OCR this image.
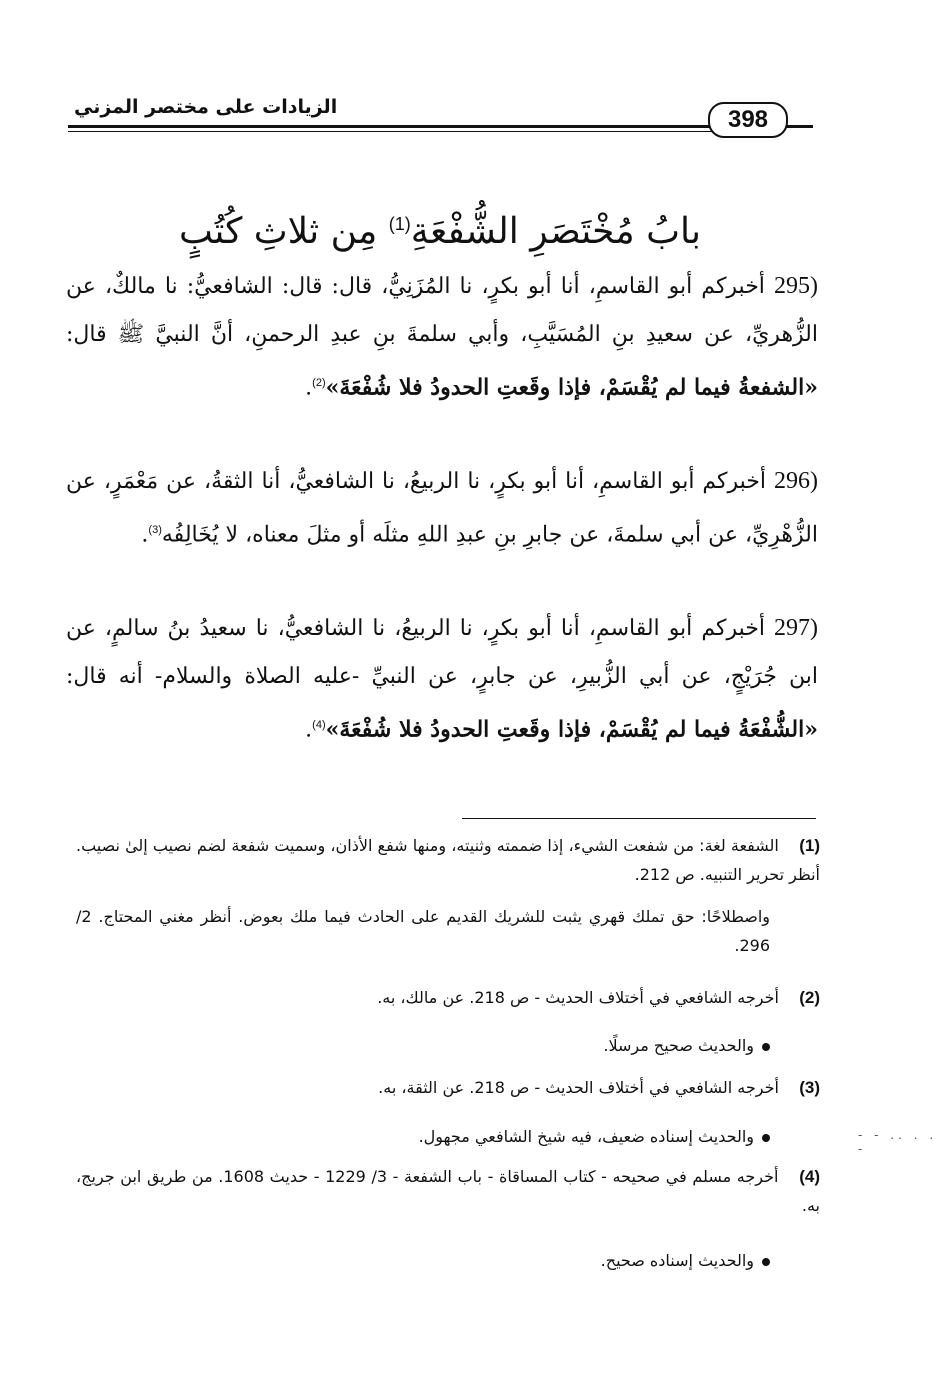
الزيادات على مختصر المزني	398
بابُ مُخْتَصَرِ الشُّفْعَةِ$^{(1)}$ مِن ثلاثِ كُتُبٍ
295) أخبركم أبو القاسمِ، أنا أبو بكرٍ، نا المُزَنِيُّ، قال: قال: الشافعيُّ: نا مالكٌ، عن الزُّهريِّ، عن سعيدِ بنِ المُسَيَّبِ، وأبي سلمةَ بنِ عبدِ الرحمنِ، أنَّ النبيَّ ﷺ قال: «الشفعةُ فيما لم يُقْسَمْ، فإذا وقَعتِ الحدودُ فلا شُفْعَةَ»$^{(2)}$.
296) أخبركم أبو القاسمِ، أنا أبو بكرٍ، نا الربيعُ، نا الشافعيُّ، أنا الثقةُ، عن مَعْمَرٍ، عن الزُّهْرِيِّ، عن أبي سلمةَ، عن جابرِ بنِ عبدِ اللهِ مثلَه أو مثلَ معناه، لا يُخَالِفُه$^{(3)}$.
297) أخبركم أبو القاسمِ، أنا أبو بكرٍ، نا الربيعُ، نا الشافعيُّ، نا سعيدُ بنُ سالمٍ، عن ابن جُرَيْجٍ، عن أبي الزُّبيرِ، عن جابرٍ، عن النبيِّ -عليه الصلاة والسلام- أنه قال: «الشُّفْعَةُ فيما لم يُقْسَمْ، فإذا وقَعتِ الحدودُ فلا شُفْعَةَ»$^{(4)}$.
(1) الشفعة لغة: من شفعت الشيء، إذا ضممته وثنيته، ومنها شفع الأذان، وسميت شفعة لضم نصيب إلىٰ نصيب. أنظر تحرير التنبيه. ص 212.
واصطلاحًا: حق تملك قهري يثبت للشريك القديم على الحادث فيما ملك بعوض. أنظر مغني المحتاج. 2/ 296.
(2) أخرجه الشافعي في أختلاف الحديث - ص 218. عن مالك، به.
والحديث صحيح مرسلًا.
(3) أخرجه الشافعي في أختلاف الحديث - ص 218. عن الثقة، به.
والحديث إسناده ضعيف، فيه شيخ الشافعي مجهول.
(4) أخرجه مسلم في صحيحه - كتاب المساقاة - باب الشفعة - 3/ 1229 - حديث 1608. من طريق ابن جريج، به.
والحديث إسناده صحيح.
- - .. . . -
